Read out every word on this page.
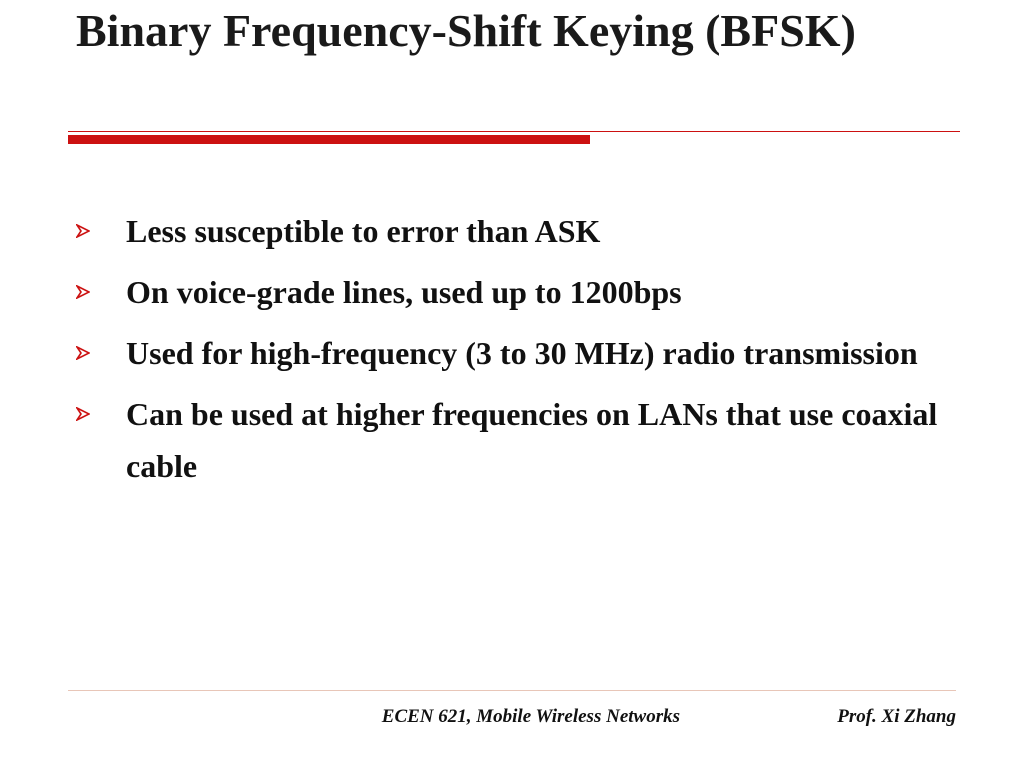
Binary Frequency-Shift Keying (BFSK)
Less susceptible to error than ASK
On voice-grade lines, used up to 1200bps
Used for high-frequency (3 to 30 MHz) radio transmission
Can be used at higher frequencies on LANs that use coaxial cable
ECEN 621, Mobile Wireless Networks	Prof. Xi Zhang
